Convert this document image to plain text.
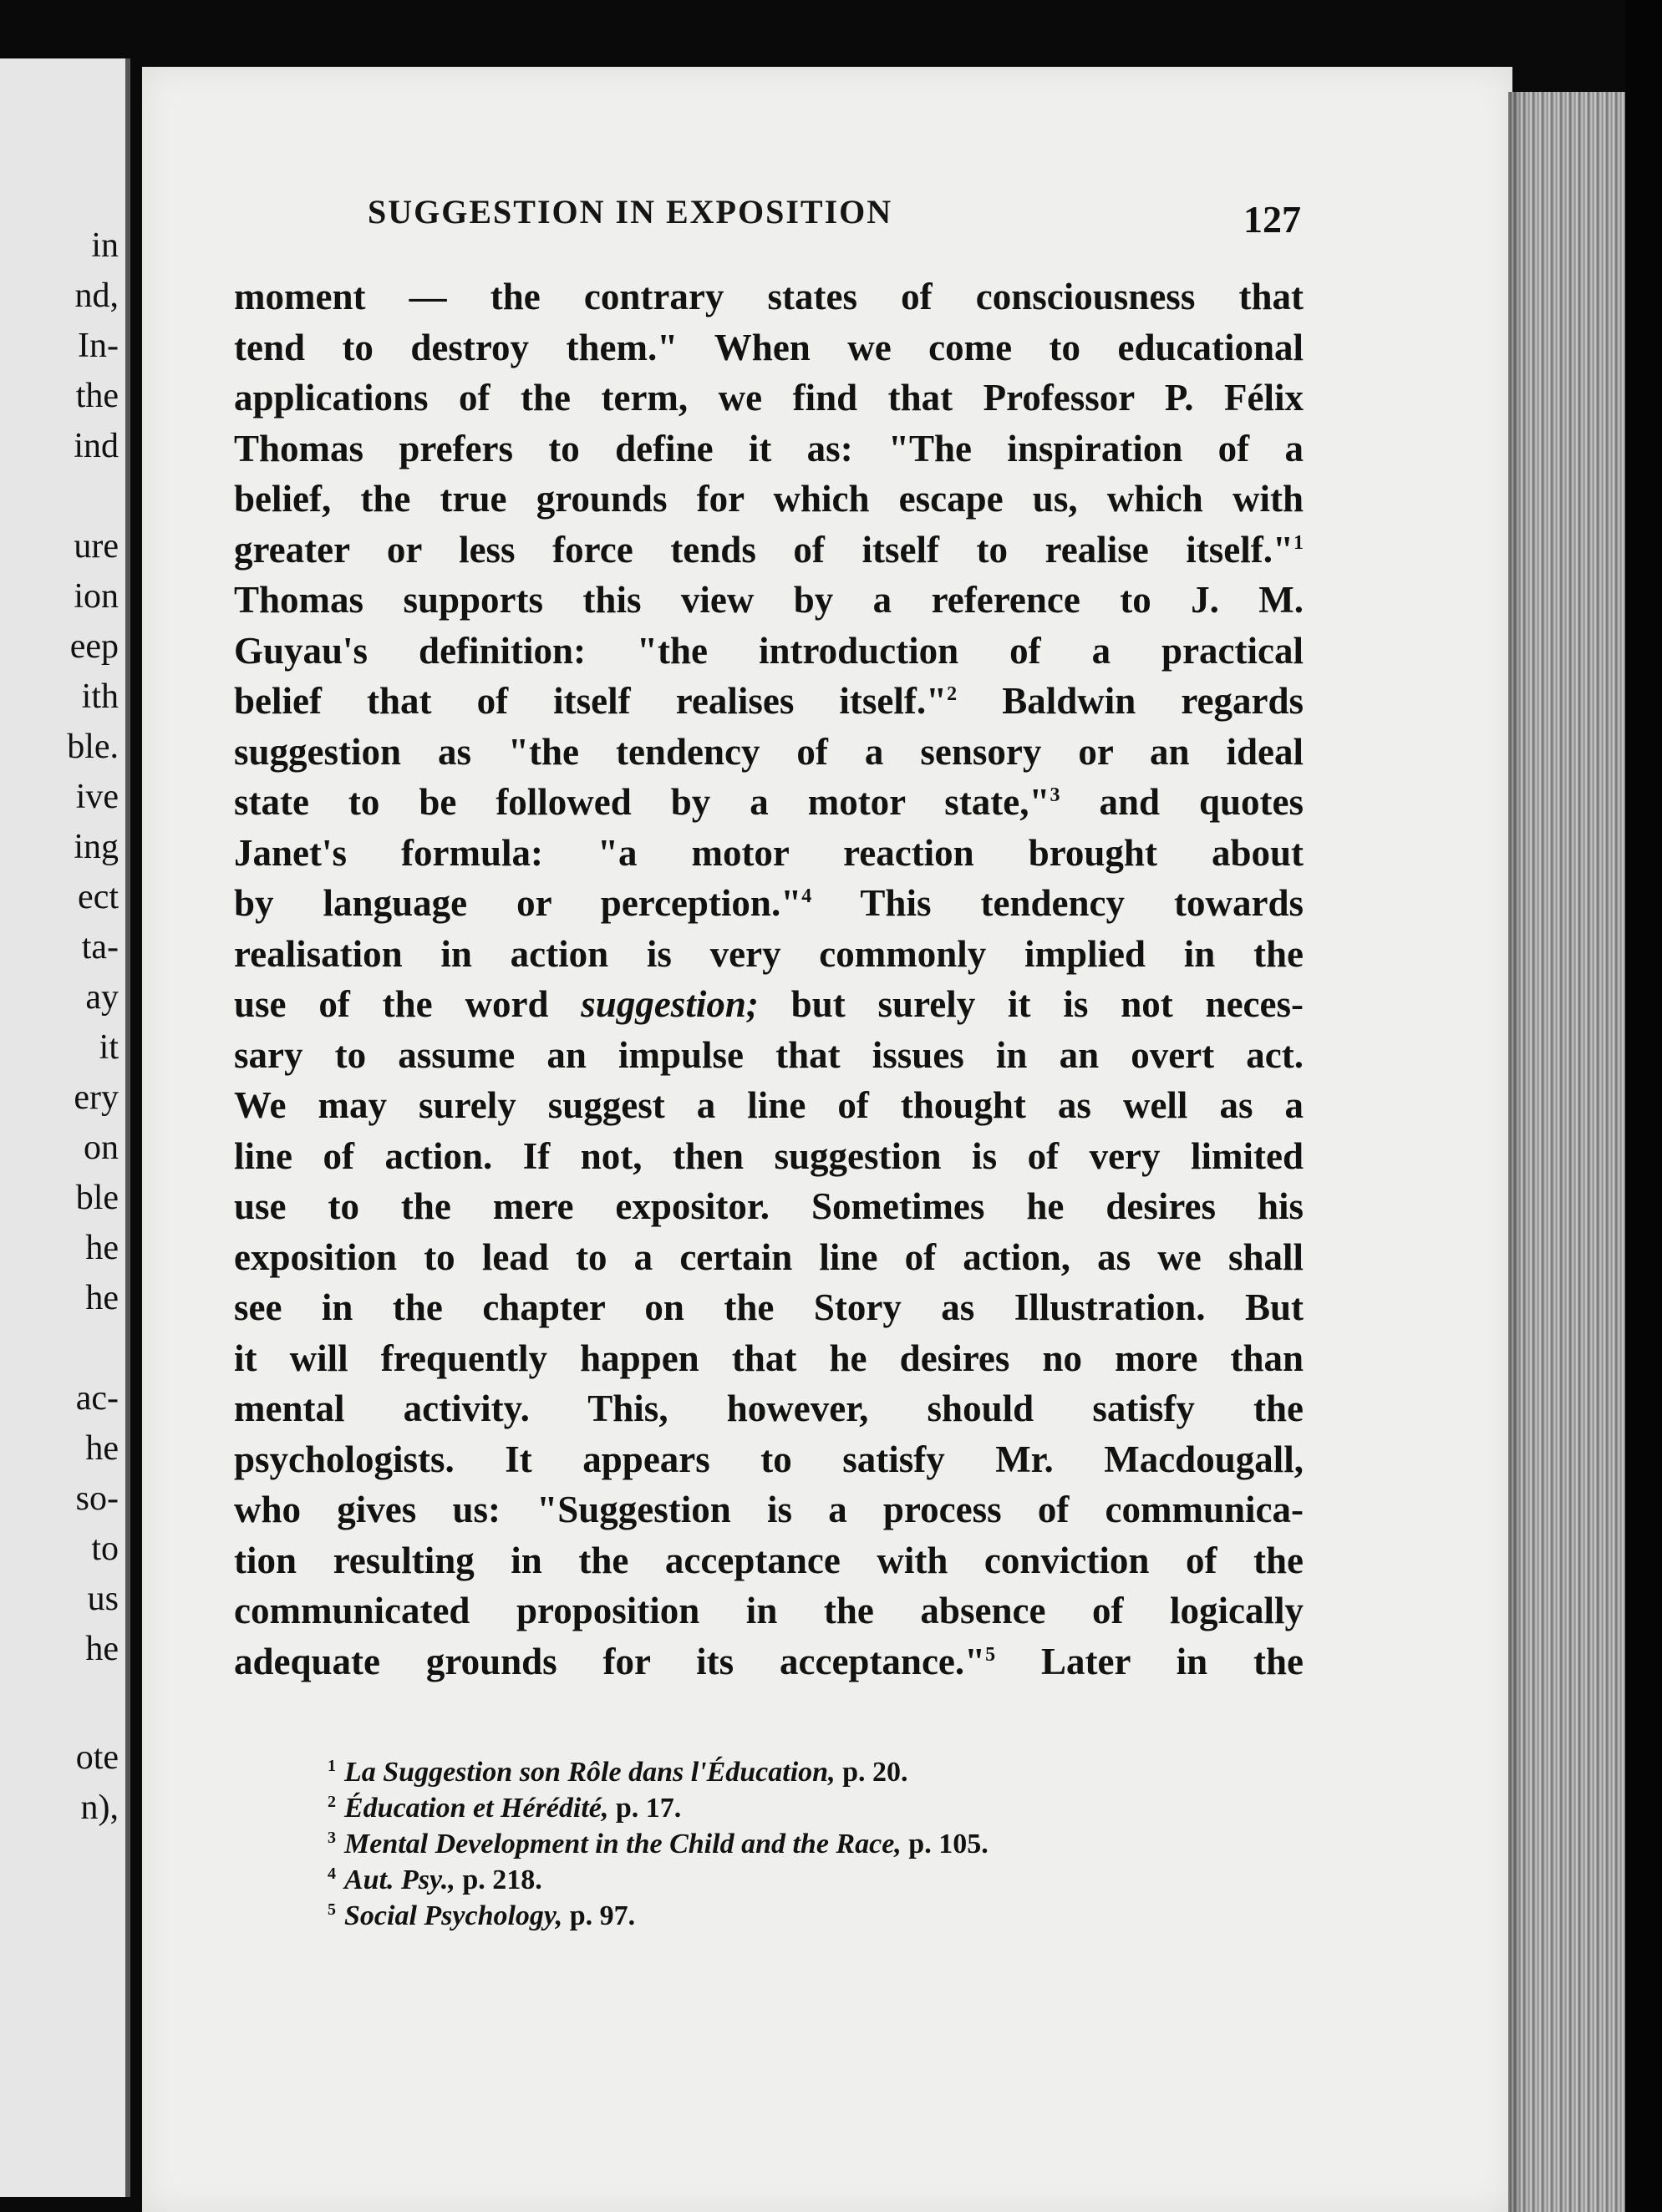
in
nd,
In-
the
ind
ure
ion
eep
ith
ble.
ive
ing
ect
ta-
ay
it
ery
on
ble
he
he
ac-
he
so-
to
us
he
ote
n),
SUGGESTION IN EXPOSITION	127
moment — the contrary states of consciousness that
tend to destroy them." When we come to educational
applications of the term, we find that Professor P. Félix
Thomas prefers to define it as: "The inspiration of a
belief, the true grounds for which escape us, which with
greater or less force tends of itself to realise itself."$^1$
Thomas supports this view by a reference to J. M.
Guyau's definition: "the introduction of a practical
belief that of itself realises itself."$^2$ Baldwin regards
suggestion as "the tendency of a sensory or an ideal
state to be followed by a motor state,"$^3$ and quotes
Janet's formula: "a motor reaction brought about
by language or perception."$^4$ This tendency towards
realisation in action is very commonly implied in the
use of the word suggestion; but surely it is not neces-
sary to assume an impulse that issues in an overt act.
We may surely suggest a line of thought as well as a
line of action. If not, then suggestion is of very limited
use to the mere expositor. Sometimes he desires his
exposition to lead to a certain line of action, as we shall
see in the chapter on the Story as Illustration. But
it will frequently happen that he desires no more than
mental activity. This, however, should satisfy the
psychologists. It appears to satisfy Mr. Macdougall,
who gives us: "Suggestion is a process of communica-
tion resulting in the acceptance with conviction of the
communicated proposition in the absence of logically
adequate grounds for its acceptance."$^5$ Later in the
$^1$ La Suggestion son Rôle dans l'Éducation, p. 20.
$^2$ Éducation et Hérédité, p. 17.
$^3$ Mental Development in the Child and the Race, p. 105.
$^4$ Aut. Psy., p. 218.
$^5$ Social Psychology, p. 97.
